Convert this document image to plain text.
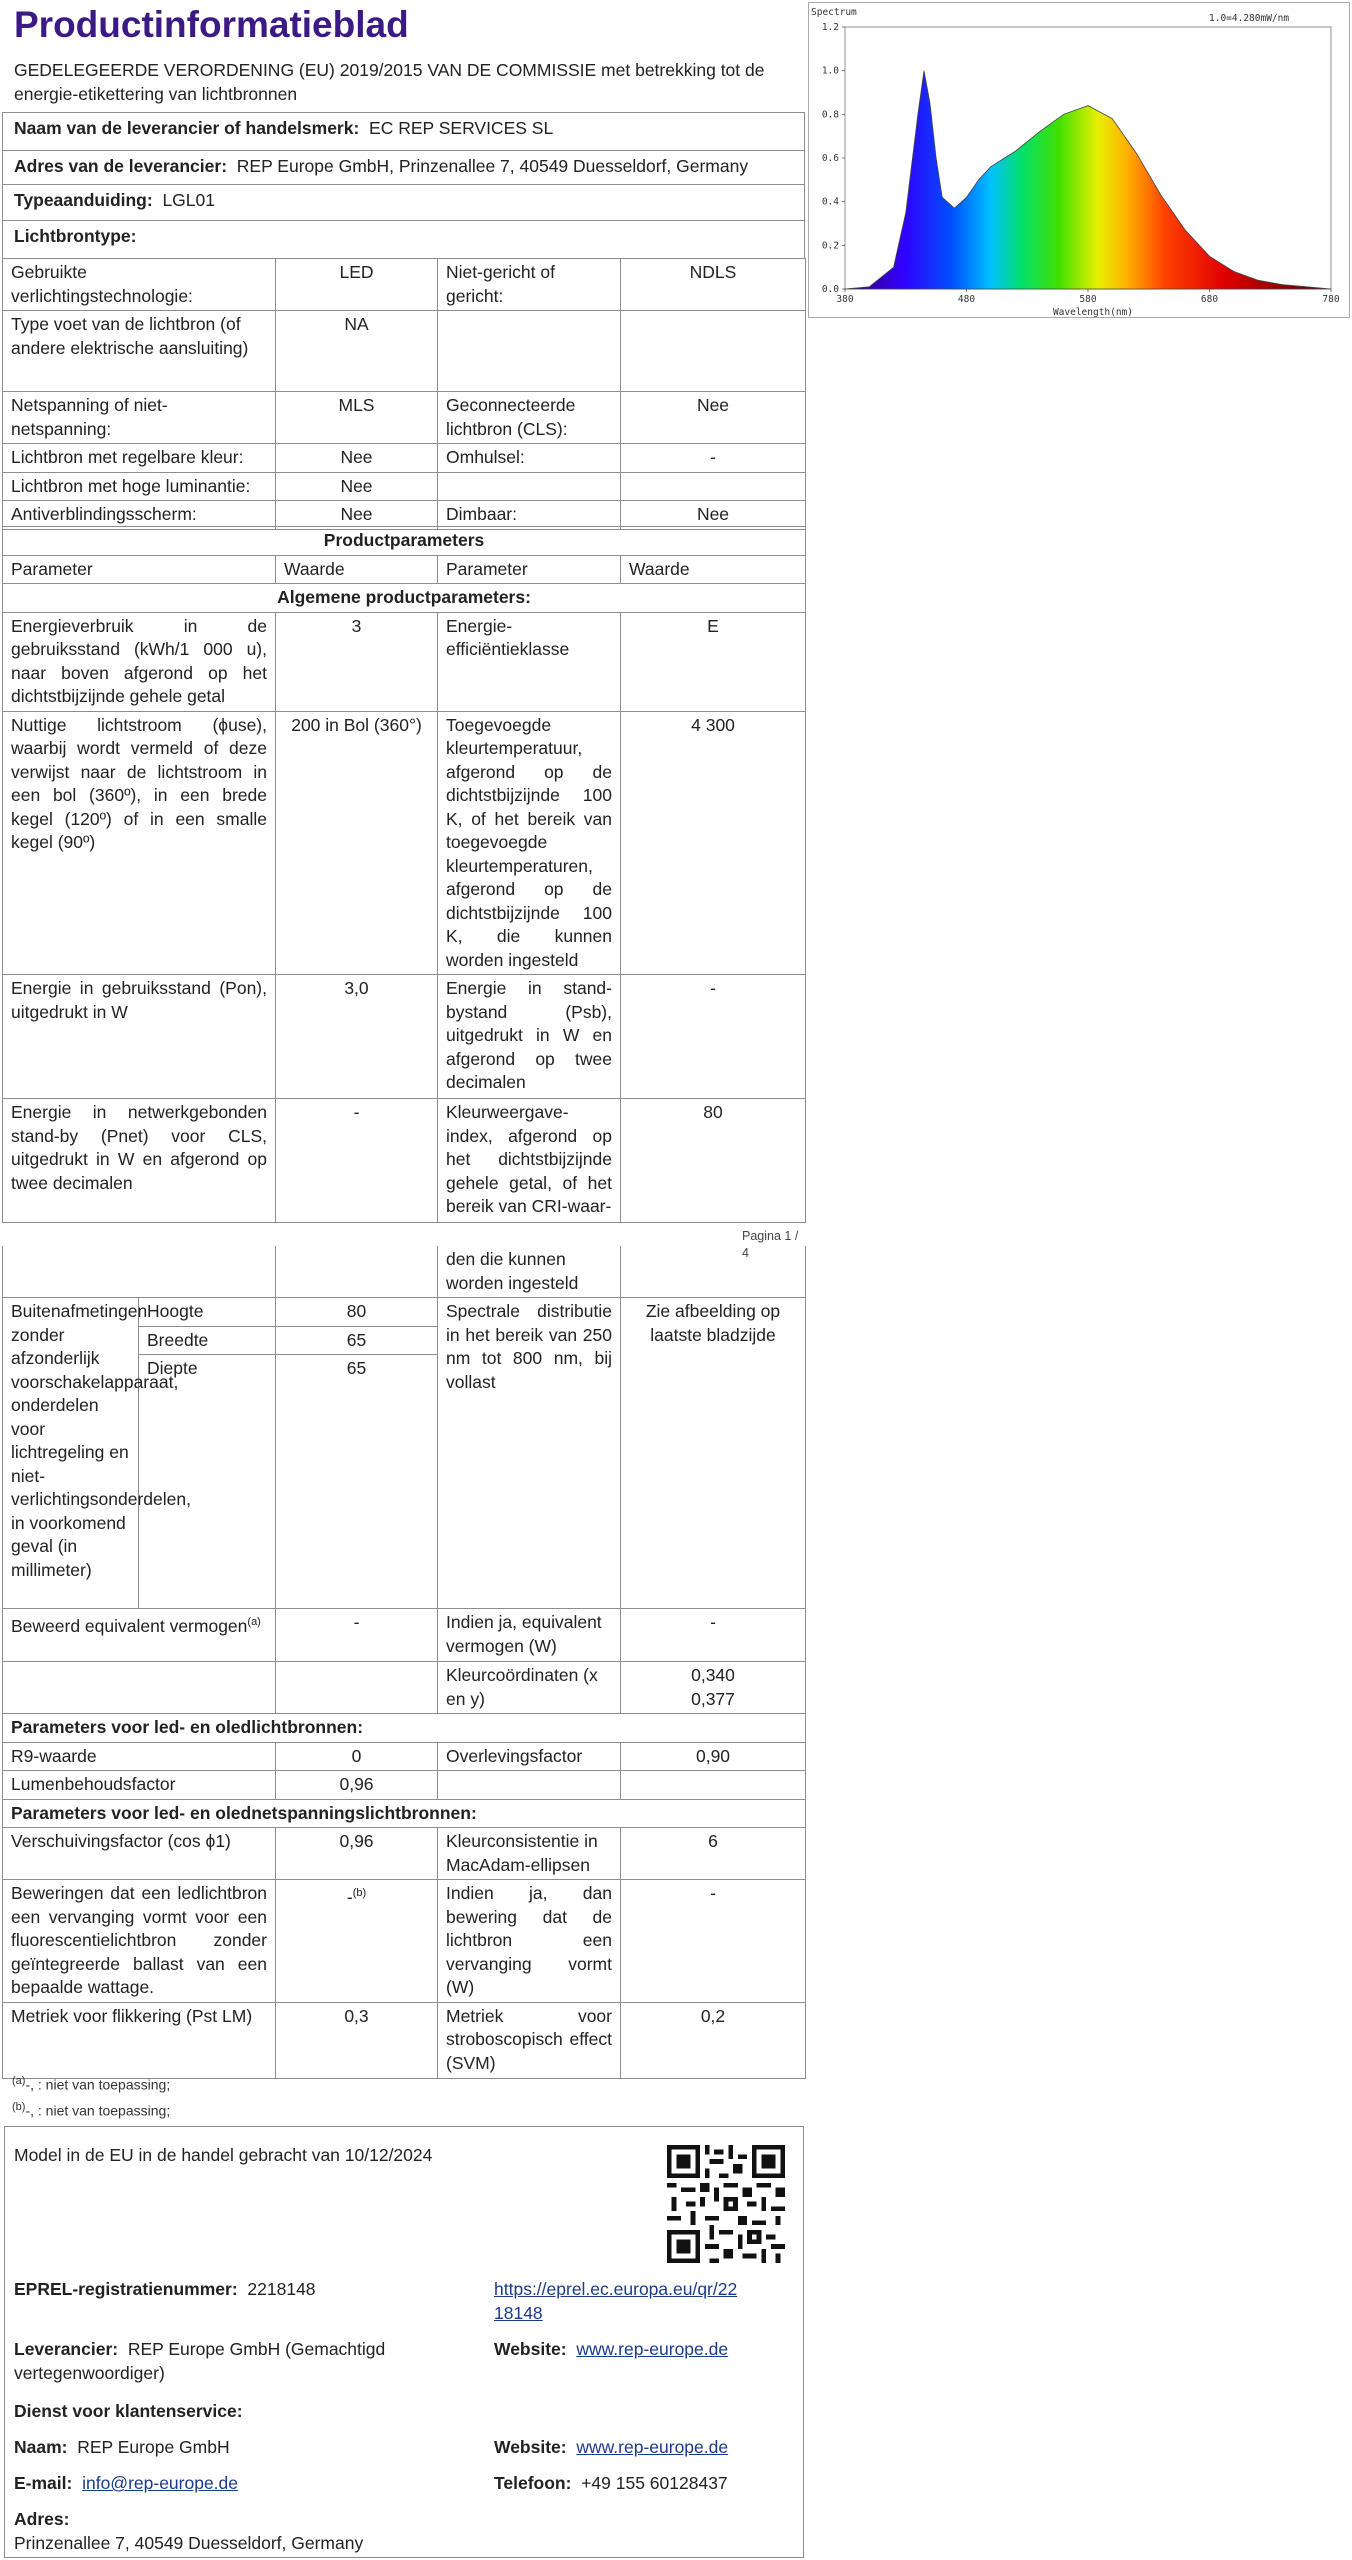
Productinformatieblad
GEDELEGEERDE VERORDENING (EU) 2019/2015 VAN DE COMMISSIE met betrekking tot de energie-etikettering van lichtbronnen
Naam van de leverancier of handelsmerk: EC REP SERVICES SL
Adres van de leverancier: REP Europe GmbH, Prinzenallee 7, 40549 Duesseldorf, Germany
Typeaanduiding: LGL01
Lichtbrontype:
Gebruikte verlichtingstechnologie:	LED	Niet-gericht of gericht:	NDLS
Type voet van de lichtbron (of andere elektrische aansluiting)	NA		
Netspanning of niet-netspanning:	MLS	Geconnecteerde lichtbron (CLS):	Nee
Lichtbron met regelbare kleur:	Nee	Omhulsel:	-
Lichtbron met hoge luminantie:	Nee		
Antiverblindingsscherm:	Nee	Dimbaar:	Nee
Productparameters			
Parameter	Waarde	Parameter	Waarde
Algemene productparameters:			
Energieverbruik in de gebruiksstand (kWh/1 000 u), naar boven afgerond op het dichtstbijzijnde gehele getal	3	Energie-efficiëntieklasse	E
Nuttige lichtstroom (ϕuse), waarbij wordt vermeld of deze verwijst naar de lichtstroom in een bol (360º), in een brede kegel (120º) of in een smalle kegel (90º)	200 in Bol (360°)	Toegevoegde kleurtemperatuur, afgerond op de dichtstbijzijnde 100 K, of het bereik van toegevoegde kleurtemperaturen, afgerond op de dichtstbijzijnde 100 K, die kunnen worden ingesteld	4 300
Energie in gebruiksstand (Pon), uitgedrukt in W	3,0	Energie in stand-bystand (Psb), uitgedrukt in W en afgerond op twee decimalen	-
Energie in netwerkgebonden stand-by (Pnet) voor CLS, uitgedrukt in W en afgerond op twee decimalen	-	Kleurweergave-index, afgerond op het dichtstbijzijnde gehele getal, of het bereik van CRI-waar-	80
Pagina 1 / 4
			den die kunnen worden ingesteld	
Buitenafmetingen zonder afzonderlijk voorschakelapparaat, onderdelen voor lichtregeling en niet-verlichtingsonderdelen, in voorkomend geval (in millimeter)	Hoogte	80	Spectrale distributie in het bereik van 250 nm tot 800 nm, bij vollast	Zie afbeelding op laatste bladzijde
	Breedte	65		
	Diepte	65		
Beweerd equivalent vermogen$^{(a)}$		-	Indien ja, equivalent vermogen (W)	-
			Kleurcoördinaten (x en y)	0,340
0,377

Parameters voor led- en oledlichtbronnen:				
R9-waarde		0	Overlevingsfactor	0,90
Lumenbehoudsfactor		0,96		
Parameters voor led- en olednetspanningslichtbronnen:				
Verschuivingsfactor (cos ϕ1)		0,96	Kleurconsistentie in MacAdam-ellipsen	6
Beweringen dat een ledlichtbron een vervanging vormt voor een fluorescentielichtbron zonder geïntegreerde ballast van een bepaalde wattage.		-$^{(b)}$	Indien ja, dan bewering dat de lichtbron een vervanging vormt (W)	-
Metriek voor flikkering (Pst LM)		0,3	Metriek voor stroboscopisch effect (SVM)	0,2
$^{(a)}$-, : niet van toepassing;
$^{(b)}$-, : niet van toepassing;
Model in de EU in de handel gebracht van 10/12/2024
EPREL-registratienummer: 2218148	https://eprel.ec.europa.eu/qr/22
18148
Leverancier: REP Europe GmbH (Gemachtigd vertegenwoordiger)
Website: www.rep-europe.de
Dienst voor klantenservice:
Naam: REP Europe GmbH	Website: www.rep-europe.de
E-mail: info@rep-europe.de	Telefoon: +49 155 60128437
Adres:
Prinzenallee 7, 40549 Duesseldorf, Germany
Spectrum
1.0=4.280mW/nm
0.0
0.2
0.4
0.6
0.8
1.0
1.2
380	480	580	680	780
Wavelength(nm)
